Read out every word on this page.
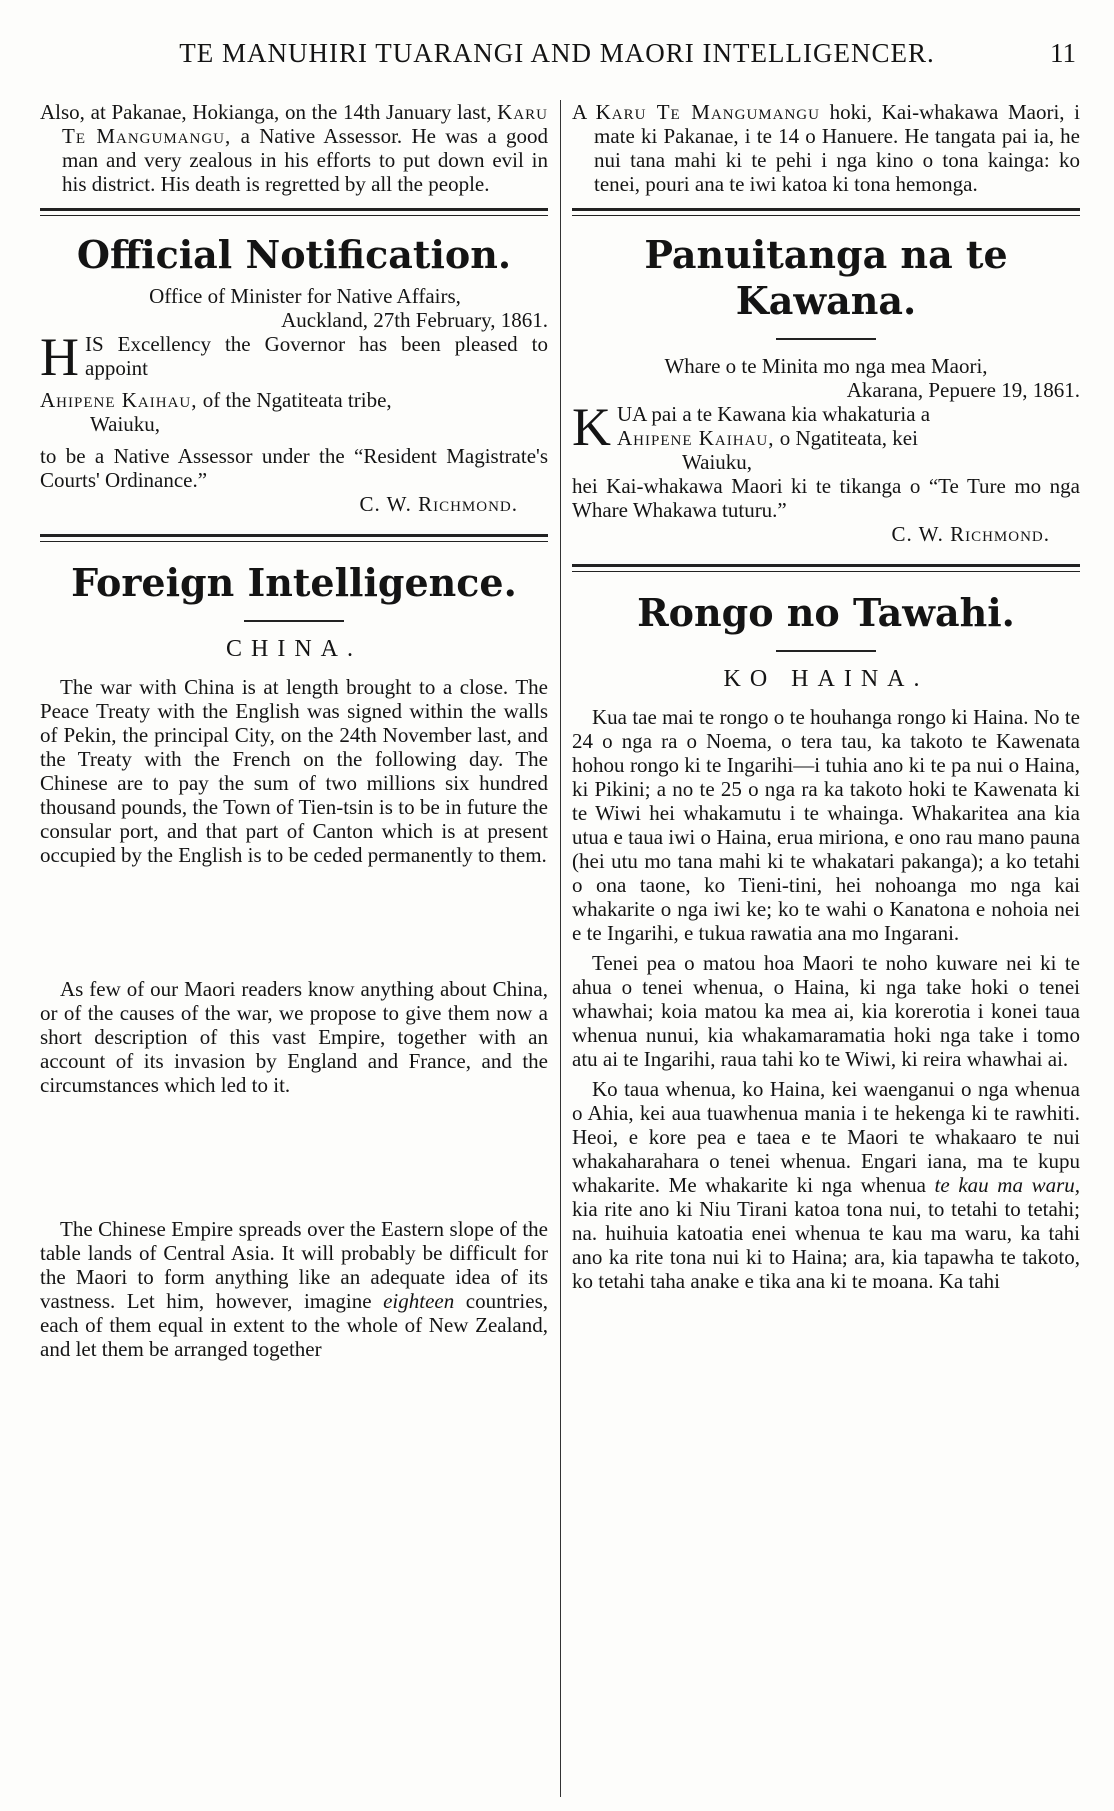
TE MANUHIRI TUARANGI AND MAORI INTELLIGENCER.	11

Also, at Pakanae, Hokianga, on the 14th January last, Karu Te Mangumangu, a Native Assessor. He was a good man and very zealous in his efforts to put down evil in his district. His death is regretted by all the people.

Official Notification.

Office of Minister for Native Affairs,

Auckland, 27th February, 1861.

H IS Excellency the Governor has been pleased to appoint

Ahipene Kaihau, of the Ngatiteata tribe,

Waiuku,

to be a Native Assessor under the “Resident Magistrate's Courts' Ordinance.”

C. W. Richmond.

Foreign Intelligence.
CHINA.

The war with China is at length brought to a close. The Peace Treaty with the English was signed within the walls of Pekin, the principal City, on the 24th November last, and the Treaty with the French on the following day. The Chinese are to pay the sum of two millions six hundred thousand pounds, the Town of Tien-tsin is to be in future the consular port, and that part of Canton which is at present occupied by the English is to be ceded permanently to them.

As few of our Maori readers know anything about China, or of the causes of the war, we propose to give them now a short description of this vast Empire, together with an account of its invasion by England and France, and the circumstances which led to it.

The Chinese Empire spreads over the Eastern slope of the table lands of Central Asia. It will probably be difficult for the Maori to form anything like an adequate idea of its vastness. Let him, however, imagine eighteen countries, each of them equal in extent to the whole of New Zealand, and let them be arranged together

A Karu Te Mangumangu hoki, Kai-whakawa Maori, i mate ki Pakanae, i te 14 o Hanuere. He tangata pai ia, he nui tana mahi ki te pehi i nga kino o tona kainga: ko tenei, pouri ana te iwi katoa ki tona hemonga.

Panuitanga na te Kawana.

Whare o te Minita mo nga mea Maori,

Akarana, Pepuere 19, 1861.

K UA pai a te Kawana kia whakaturia a
Ahipene Kaihau, o Ngatiteata, kei

Waiuku,

hei Kai-whakawa Maori ki te tikanga o “Te Ture mo nga Whare Whakawa tuturu.”

C. W. Richmond.

Rongo no Tawahi.
KO HAINA.

Kua tae mai te rongo o te houhanga rongo ki Haina. No te 24 o nga ra o Noema, o tera tau, ka takoto te Kawenata hohou rongo ki te Ingarihi—i tuhia ano ki te pa nui o Haina, ki Pikini; a no te 25 o nga ra ka takoto hoki te Kawenata ki te Wiwi hei whakamutu i te whainga. Whakaritea ana kia utua e taua iwi o Haina, erua miriona, e ono rau mano pauna (hei utu mo tana mahi ki te whakatari pakanga); a ko tetahi o ona taone, ko Tieni-tini, hei nohoanga mo nga kai whakarite o nga iwi ke; ko te wahi o Kanatona e nohoia nei e te Ingarihi, e tukua rawatia ana mo Ingarani.

Tenei pea o matou hoa Maori te noho kuware nei ki te ahua o tenei whenua, o Haina, ki nga take hoki o tenei whawhai; koia matou ka mea ai, kia korerotia i konei taua whenua nunui, kia whakamaramatia hoki nga take i tomo atu ai te Ingarihi, raua tahi ko te Wiwi, ki reira whawhai ai.

Ko taua whenua, ko Haina, kei waenganui o nga whenua o Ahia, kei aua tuawhenua mania i te hekenga ki te rawhiti. Heoi, e kore pea e taea e te Maori te whakaaro te nui whakaharahara o tenei whenua. Engari iana, ma te kupu whakarite. Me whakarite ki nga whenua te kau ma waru, kia rite ano ki Niu Tirani katoa tona nui, to tetahi to tetahi; na. huihuia katoatia enei whenua te kau ma waru, ka tahi ano ka rite tona nui ki to Haina; ara, kia tapawha te takoto, ko tetahi taha anake e tika ana ki te moana. Ka tahi
